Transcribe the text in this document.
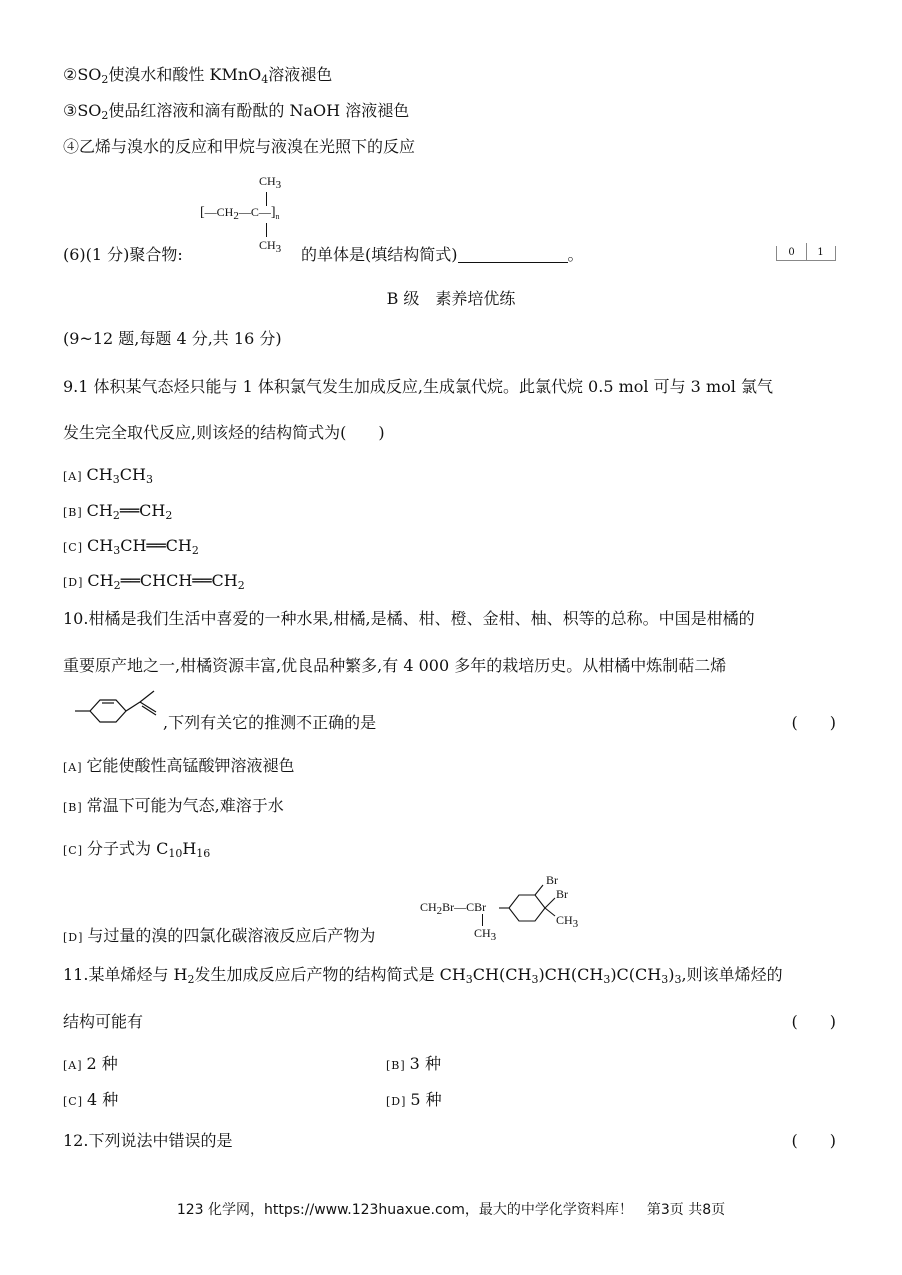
$②SO_2$使溴水和酸性 KMnO$_4$溶液褪色
$③SO_2$使品红溶液和滴有酚酞的 NaOH 溶液褪色
④乙烯与溴水的反应和甲烷与液溴在光照下的反应
$CH_3$
$[—CH_2—C—]_n$
$CH_3$
(6)(1 分)聚合物:	的单体是(填结构简式)	。	0	1
B 级　素养培优练
(9~12 题,每题 4 分,共 16 分)
9.1 体积某气态烃只能与 1 体积氯气发生加成反应,生成氯代烷。此氯代烷 0.5 mol 可与 3 mol 氯气
发生完全取代反应,则该烃的结构简式为(　　)
[A] $CH_3CH_3$
[B] $CH_2══CH_2$
[C] $CH_3CH══CH_2$
[D] $CH_2══CHCH══CH_2$
10.柑橘是我们生活中喜爱的一种水果,柑橘,是橘、柑、橙、金柑、柚、枳等的总称。中国是柑橘的
重要原产地之一,柑橘资源丰富,优良品种繁多,有 4 000 多年的栽培历史。从柑橘中炼制萜二烯
,下列有关它的推测不正确的是	(　　)
[A] 它能使酸性高锰酸钾溶液褪色
[B] 常温下可能为气态,难溶于水
[C] 分子式为 $C_{10}H_{16}$
$CH_2Br—CBr$
$CH_3$
Br
Br
$CH_3$
[D] 与过量的溴的四氯化碳溶液反应后产物为
11.某单烯烃与 $H_2$发生加成反应后产物的结构简式是 $CH_3CH(CH_3)CH(CH_3)C(CH_3)_3$,则该单烯烃的
结构可能有	(　　)
[A] 2 种	[B] 3 种
[C] 4 种	[D] 5 种
12.下列说法中错误的是	(　　)
123 化学网，https://www.123huaxue.com，最大的中学化学资料库！　第3页 共8页
